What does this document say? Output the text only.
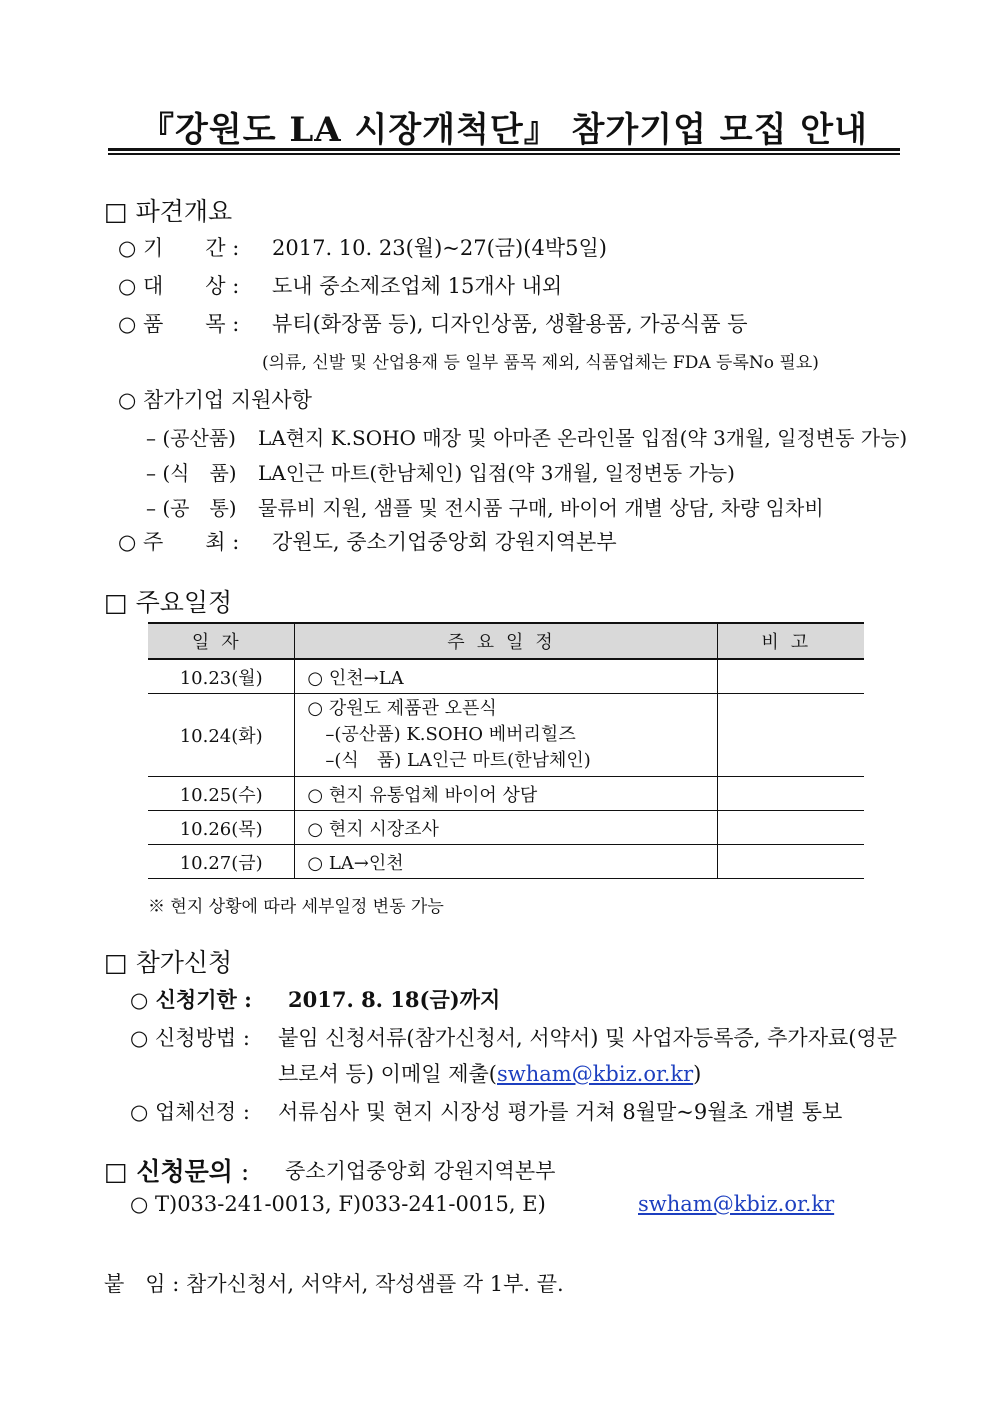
『강원도 LA 시장개척단』 참가기업 모집 안내
□ 파견개요
○ 기　　간 : 2017. 10. 23(월)~27(금)(4박5일)
○ 대　　상 : 도내 중소제조업체 15개사 내외
○ 품　　목 : 뷰티(화장품 등), 디자인상품, 생활용품, 가공식품 등
(의류, 신발 및 산업용재 등 일부 품목 제외, 식품업체는 FDA 등록No 필요)
○ 참가기업 지원사항
– (공산품) LA현지 K.SOHO 매장 및 아마존 온라인몰 입점(약 3개월, 일정변동 가능)
– (식　품) LA인근 마트(한남체인) 입점(약 3개월, 일정변동 가능)
– (공　통) 물류비 지원, 샘플 및 전시품 구매, 바이어 개별 상담, 차량 임차비
○ 주　　최 : 강원도, 중소기업중앙회 강원지역본부
□ 주요일정
일자	주요일정	비고
10.23(월)	○ 인천→LA	
10.24(화)	○ 강원도 제품관 오픈식
　–(공산품) K.SOHO 베버리힐즈
　–(식　품) LA인근 마트(한남체인)	

10.25(수)	○ 현지 유통업체 바이어 상담	
10.26(목)	○ 현지 시장조사	
10.27(금)	○ LA→인천	
※ 현지 상황에 따라 세부일정 변동 가능
□ 참가신청
○ 신청기한 : 2017. 8. 18(금)까지
○ 신청방법 : 붙임 신청서류(참가신청서, 서약서) 및 사업자등록증, 추가자료(영문
브로셔 등) 이메일 제출(swham@kbiz.or.kr)
○ 업체선정 : 서류심사 및 현지 시장성 평가를 거쳐 8월말~9월초 개별 통보
□ 신청문의 : 중소기업중앙회 강원지역본부
○ T)033-241-0013, F)033-241-0015, E)	swham@kbiz.or.kr
붙　임 : 참가신청서, 서약서, 작성샘플 각 1부. 끝.
